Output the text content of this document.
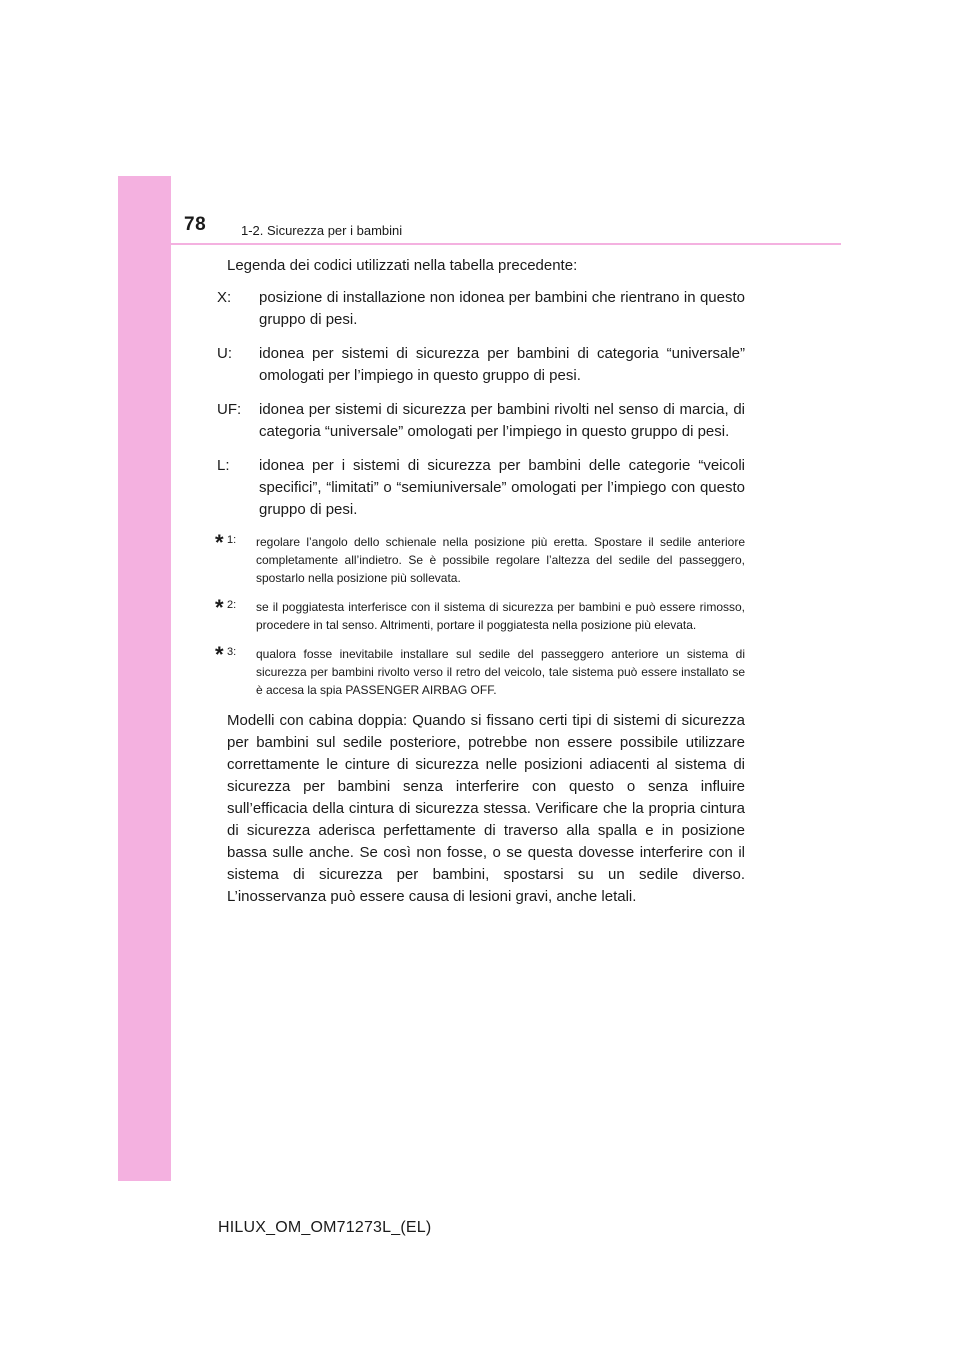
78	1-2. Sicurezza per i bambini
Legenda dei codici utilizzati nella tabella precedente:
X:	posizione di installazione non idonea per bambini che rientrano in questo gruppo di pesi.
U:	idonea per sistemi di sicurezza per bambini di categoria “universale” omologati per l’impiego in questo gruppo di pesi.
UF:	idonea per sistemi di sicurezza per bambini rivolti nel senso di marcia, di categoria “universale” omologati per l’impiego in questo gruppo di pesi.
L:	idonea per i sistemi di sicurezza per bambini delle categorie “veicoli specifici”, “limitati” o “semiuniversale” omologati per l’impiego con questo gruppo di pesi.
* 1: regolare l’angolo dello schienale nella posizione più eretta. Spostare il sedile anteriore completamente all’indietro. Se è possibile regolare l’altezza del sedile del passeggero, spostarlo nella posizione più sollevata.
* 2: se il poggiatesta interferisce con il sistema di sicurezza per bambini e può essere rimosso, procedere in tal senso. Altrimenti, portare il poggiatesta nella posizione più elevata.
* 3: qualora fosse inevitabile installare sul sedile del passeggero anteriore un sistema di sicurezza per bambini rivolto verso il retro del veicolo, tale sistema può essere installato se è accesa la spia PASSENGER AIRBAG OFF.
Modelli con cabina doppia: Quando si fissano certi tipi di sistemi di sicurezza per bambini sul sedile posteriore, potrebbe non essere possibile utilizzare correttamente le cinture di sicurezza nelle posizioni adiacenti al sistema di sicurezza per bambini senza interferire con questo o senza influire sull’efficacia della cintura di sicurezza stessa. Verificare che la propria cintura di sicurezza aderisca perfettamente di traverso alla spalla e in posizione bassa sulle anche. Se così non fosse, o se questa dovesse interferire con il sistema di sicurezza per bambini, spostarsi su un sedile diverso. L’inosservanza può essere causa di lesioni gravi, anche letali.
HILUX_OM_OM71273L_(EL)
